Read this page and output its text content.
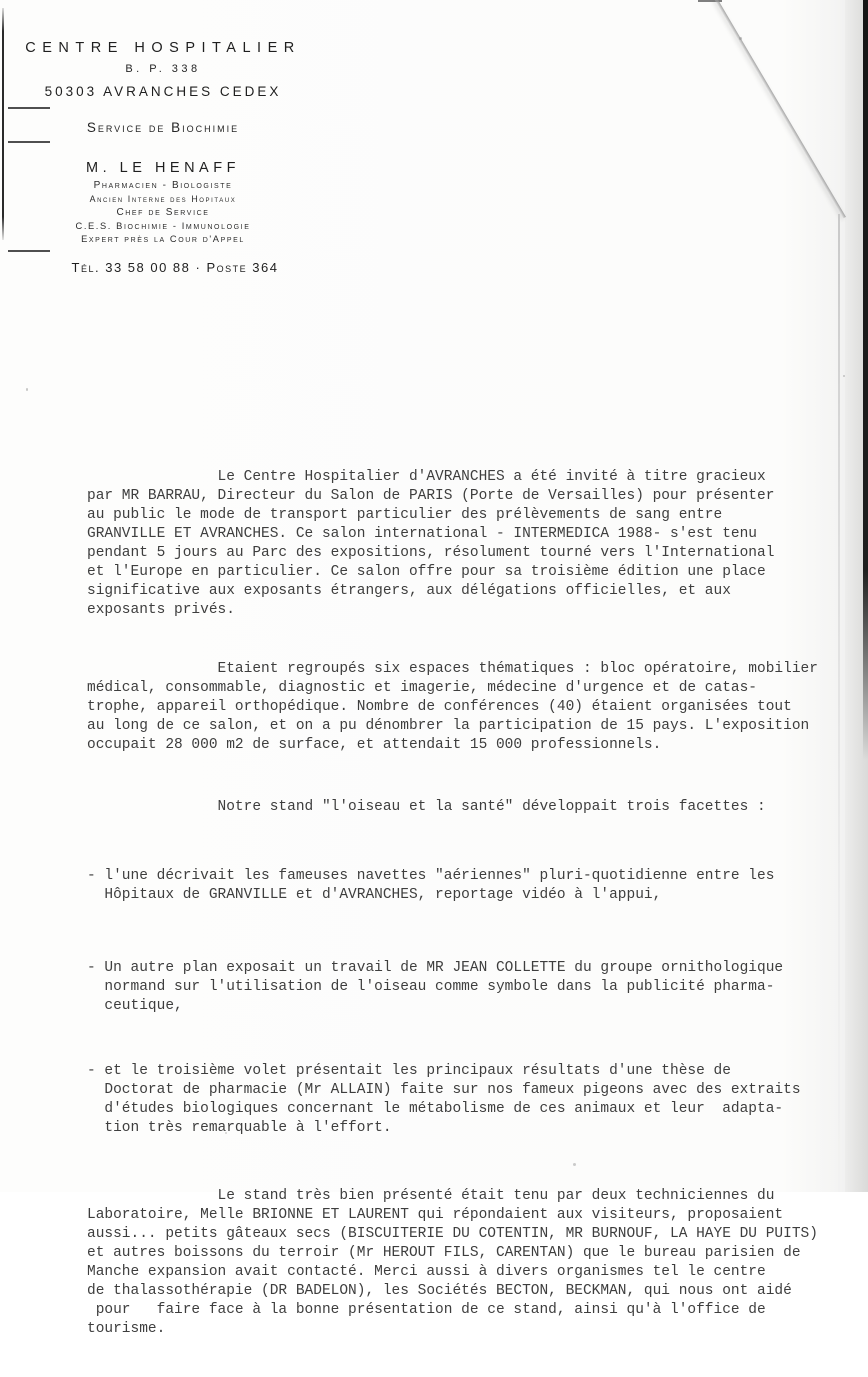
CENTRE HOSPITALIER
B. P. 338
50303 AVRANCHES CEDEX
Service de Biochimie
M. LE HENAFF
Pharmacien - Biologiste
Ancien Interne des Hopitaux
Chef de Service
C.E.S. Biochimie - Immunologie
Expert près la Cour d'Appel
Tél. 33 58 00 88 · Poste 364

Le Centre Hospitalier d'AVRANCHES a été invité à titre gracieux
par MR BARRAU, Directeur du Salon de PARIS (Porte de Versailles) pour présenter
au public le mode de transport particulier des prélèvements de sang entre
GRANVILLE ET AVRANCHES. Ce salon international - INTERMEDICA 1988- s'est tenu
pendant 5 jours au Parc des expositions, résolument tourné vers l'International
et l'Europe en particulier. Ce salon offre pour sa troisième édition une place
significative aux exposants étrangers, aux délégations officielles, et aux
exposants privés.

Etaient regroupés six espaces thématiques : bloc opératoire, mobilier
médical, consommable, diagnostic et imagerie, médecine d'urgence et de catas-
trophe, appareil orthopédique. Nombre de conférences (40) étaient organisées tout
au long de ce salon, et on a pu dénombrer la participation de 15 pays. L'exposition
occupait 28 000 m2 de surface, et attendait 15 000 professionnels.

Notre stand "l'oiseau et la santé" développait trois facettes :

- l'une décrivait les fameuses navettes "aériennes" pluri-quotidienne entre les
Hôpitaux de GRANVILLE et d'AVRANCHES, reportage vidéo à l'appui,

- Un autre plan exposait un travail de MR JEAN COLLETTE du groupe ornithologique
normand sur l'utilisation de l'oiseau comme symbole dans la publicité pharma-
ceutique,

- et le troisième volet présentait les principaux résultats d'une thèse de
Doctorat de pharmacie (Mr ALLAIN) faite sur nos fameux pigeons avec des extraits
d'études biologiques concernant le métabolisme de ces animaux et leur  adapta-
tion très remarquable à l'effort.

Le stand très bien présenté était tenu par deux techniciennes du
Laboratoire, Melle BRIONNE ET LAURENT qui répondaient aux visiteurs, proposaient
aussi... petits gâteaux secs (BISCUITERIE DU COTENTIN, MR BURNOUF, LA HAYE DU PUITS)
et autres boissons du terroir (Mr HEROUT FILS, CARENTAN) que le bureau parisien de
Manche expansion avait contacté. Merci aussi à divers organismes tel le centre
de thalassothérapie (DR BADELON), les Sociétés BECTON, BECKMAN, qui nous ont aidé
pour   faire face à la bonne présentation de ce stand, ainsi qu'à l'office de
tourisme.
